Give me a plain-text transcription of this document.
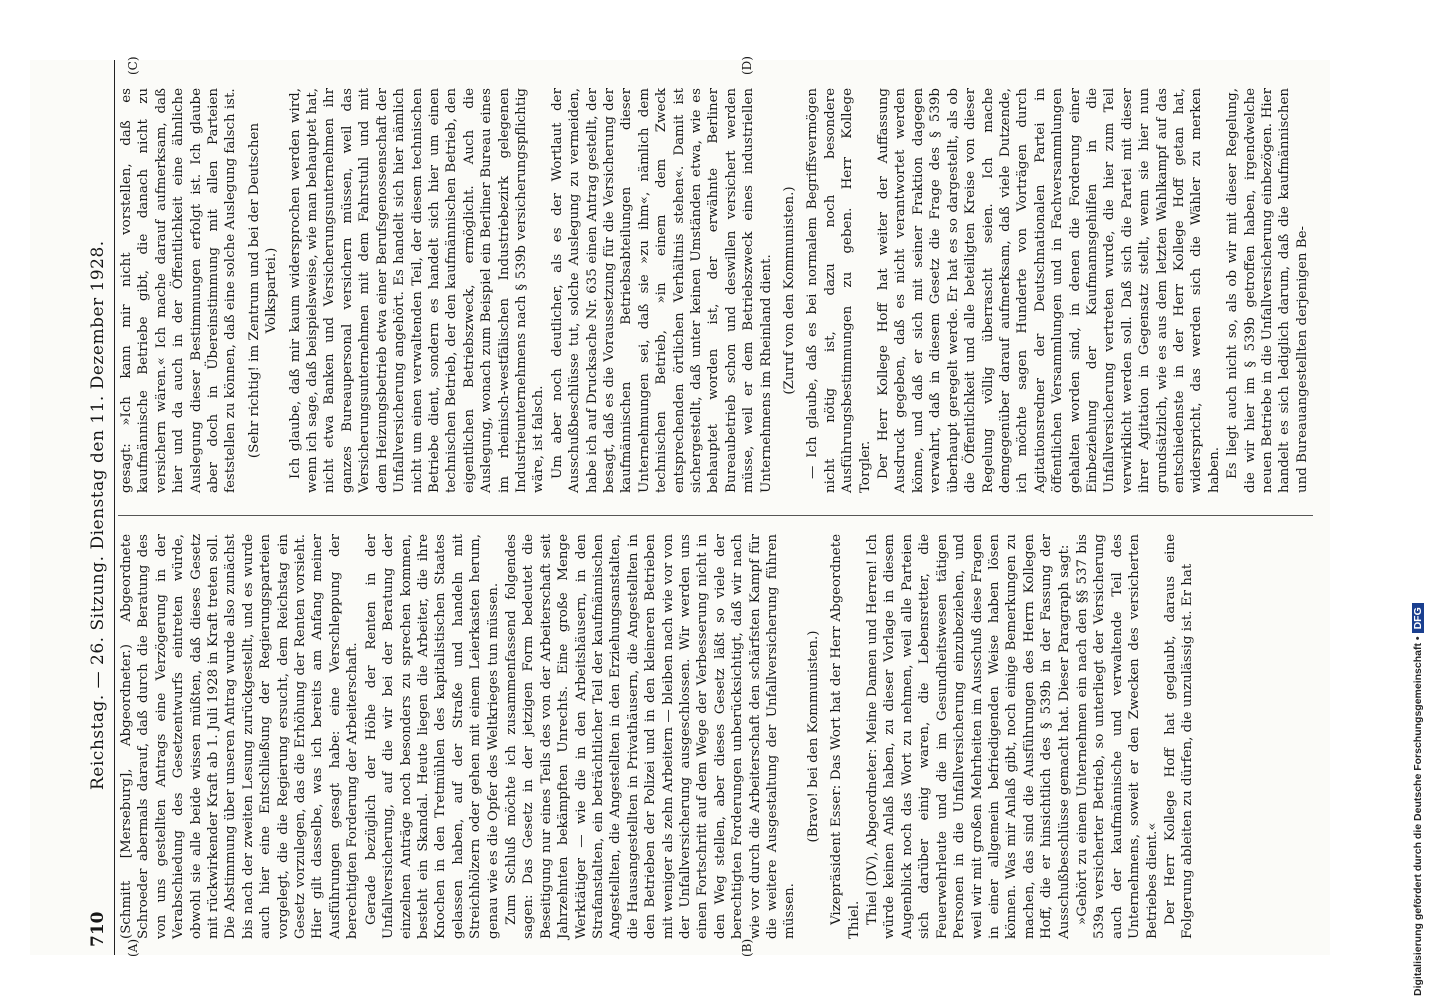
710
Reichstag. — 26. Sitzung. Dienstag den 11. Dezember 1928.
(A)	(B)
(C)	(D)

(Schmitt [Merseburg], Abgeordneter.) Abgeordnete Schroeder abermals darauf, daß durch die Beratung des von uns gestellten Antrags eine Verzögerung in der Verabschiedung des Gesetzentwurfs eintreten würde, obwohl sie alle beide wissen müßten, daß dieses Gesetz mit rückwirkender Kraft ab 1. Juli 1928 in Kraft treten soll. Die Abstimmung über unseren Antrag wurde also zunächst bis nach der zweiten Lesung zurückgestellt, und es wurde auch hier eine Entschließung der Regierungsparteien vorgelegt, die die Regierung ersucht, dem Reichstag ein Gesetz vorzulegen, das die Erhöhung der Renten vorsieht. Hier gilt dasselbe, was ich bereits am Anfang meiner Ausführungen gesagt habe: eine Verschleppung der berechtigten Forderung der Arbeiterschaft. Gerade bezüglich der Höhe der Renten in der Unfallversicherung, auf die wir bei der Beratung der einzelnen Anträge noch besonders zu sprechen kommen, besteht ein Skandal. Heute liegen die Arbeiter, die ihre Knochen in den Tretmühlen des kapitalistischen Staates gelassen haben, auf der Straße und handeln mit Streichhölzern oder gehen mit einem Leierkasten herum, genau wie es die Opfer des Weltkrieges tun müssen. Zum Schluß möchte ich zusammenfassend folgendes sagen: Das Gesetz in der jetzigen Form bedeutet die Beseitigung nur eines Teils des von der Arbeiterschaft seit Jahrzehnten bekämpften Unrechts. Eine große Menge Werktätiger — wie die in den Arbeitshäusern, in den Strafanstalten, ein beträchtlicher Teil der kaufmännischen Angestellten, die Angestellten in den Erziehungsanstalten, die Hausangestellten in Privathäusern, die Angestellten in den Betrieben der Polizei und in den kleineren Betrieben mit weniger als zehn Arbeitern — bleiben nach wie vor von der Unfallversicherung ausgeschlossen. Wir werden uns einen Fortschritt auf dem Wege der Verbesserung nicht in den Weg stellen, aber dieses Gesetz läßt so viele der berechtigten Forderungen unberücksichtigt, daß wir nach wie vor durch die Arbeiterschaft den schärfsten Kampf für die weitere Ausgestaltung der Unfallversicherung führen müssen.

(Bravo! bei den Kommunisten.) Vizepräsident Esser: Das Wort hat der Herr Abgeordnete Thiel. Thiel (DV), Abgeordneter: Meine Damen und Herren! Ich würde keinen Anlaß haben, zu dieser Vorlage in diesem Augenblick noch das Wort zu nehmen, weil alle Parteien sich darüber einig waren, die Lebensretter, die Feuerwehrleute und die im Gesundheitswesen tätigen Personen in die Unfallversicherung einzubeziehen, und weil wir mit großen Mehrheiten im Ausschuß diese Fragen in einer allgemein befriedigenden Weise haben lösen können. Was mir Anlaß gibt, noch einige Bemerkungen zu machen, das sind die Ausführungen des Herrn Kollegen Hoff, die er hinsichtlich des § 539b in der Fassung der Ausschußbeschlüsse gemacht hat. Dieser Paragraph sagt: »Gehört zu einem Unternehmen ein nach den §§ 537 bis 539a versicherter Betrieb, so unterliegt der Versicherung auch der kaufmännische und verwaltende Teil des Unternehmens, soweit er den Zwecken des versicherten Betriebes dient.« Der Herr Kollege Hoff hat geglaubt, daraus eine Folgerung ableiten zu dürfen, die unzulässig ist. Er hat

gesagt: »Ich kann mir nicht vorstellen, daß es kaufmännische Betriebe gibt, die danach nicht zu versichern wären.« Ich mache darauf aufmerksam, daß hier und da auch in der Öffentlichkeit eine ähnliche Auslegung dieser Bestimmungen erfolgt ist. Ich glaube aber doch in Übereinstimmung mit allen Parteien feststellen zu können, daß eine solche Auslegung falsch ist. (Sehr richtig! im Zentrum und bei der Deutschen Volkspartei.) Ich glaube, daß mir kaum widersprochen werden wird, wenn ich sage, daß beispielsweise, wie man behauptet hat, nicht etwa Banken und Versicherungsunternehmen ihr ganzes Bureaupersonal versichern müssen, weil das Versicherungsunternehmen mit dem Fahrstuhl und mit dem Heizungsbetrieb etwa einer Berufsgenossenschaft der Unfallversicherung angehört. Es handelt sich hier nämlich nicht um einen verwaltenden Teil, der diesem technischen Betriebe dient, sondern es handelt sich hier um einen technischen Betrieb, der den kaufmännischen Betrieb, den eigentlichen Betriebszweck, ermöglicht. Auch die Auslegung, wonach zum Beispiel ein Berliner Bureau eines im rheinisch-westfälischen Industriebezirk gelegenen Industrieunternehmens nach § 539b versicherungspflichtig wäre, ist falsch. Um aber noch deutlicher, als es der Wortlaut der Ausschußbeschlüsse tut, solche Auslegung zu vermeiden, habe ich auf Drucksache Nr. 635 einen Antrag gestellt, der besagt, daß es die Voraussetzung für die Versicherung der kaufmännischen Betriebsabteilungen dieser Unternehmungen sei, daß sie »zu ihm«, nämlich dem technischen Betrieb, »in einem dem Zweck entsprechenden örtlichen Verhältnis stehen«. Damit ist sichergestellt, daß unter keinen Umständen etwa, wie es behauptet worden ist, der erwähnte Berliner Bureaubetrieb schon und deswillen versichert werden müsse, weil er dem Betriebszweck eines industriellen Unternehmens im Rheinland dient. (Zuruf von den Kommunisten.) — Ich glaube, daß es bei normalem Begriffsvermögen nicht nötig ist, dazu noch besondere Ausführungsbestimmungen zu geben. Herr Kollege Torgler. Der Herr Kollege Hoff hat weiter der Auffassung Ausdruck gegeben, daß es nicht verantwortet werden könne, und daß er sich mit seiner Fraktion dagegen verwahrt, daß in diesem Gesetz die Frage des § 539b überhaupt geregelt werde. Er hat es so dargestellt, als ob die Öffentlichkeit und alle beteiligten Kreise von dieser Regelung völlig überrascht seien. Ich mache demgegenüber darauf aufmerksam, daß viele Dutzende, ich möchte sagen Hunderte von Vorträgen durch Agitationsredner der Deutschnationalen Partei in öffentlichen Versammlungen und in Fachversammlungen gehalten worden sind, in denen die Forderung einer Einbeziehung der Kaufmannsgehilfen in die Unfallversicherung vertreten wurde, die hier zum Teil verwirklicht werden soll. Daß sich die Partei mit dieser ihrer Agitation in Gegensatz stellt, wenn sie hier nun grundsätzlich, wie es aus dem letzten Wahlkampf auf das entschiedenste in der Herr Kollege Hoff getan hat, widerspricht, das werden sich die Wähler zu merken haben. Es liegt auch nicht so, als ob wir mit dieser Regelung, die wir hier im § 539b getroffen haben, irgendwelche neuen Betriebe in die Unfallversicherung einbezögen. Hier handelt es sich lediglich darum, daß die kaufmännischen und Bureauangestellten derjenigen Be-

Digitalisierung gefördert durch die Deutsche Forschungsgemeinschaft •DFG
